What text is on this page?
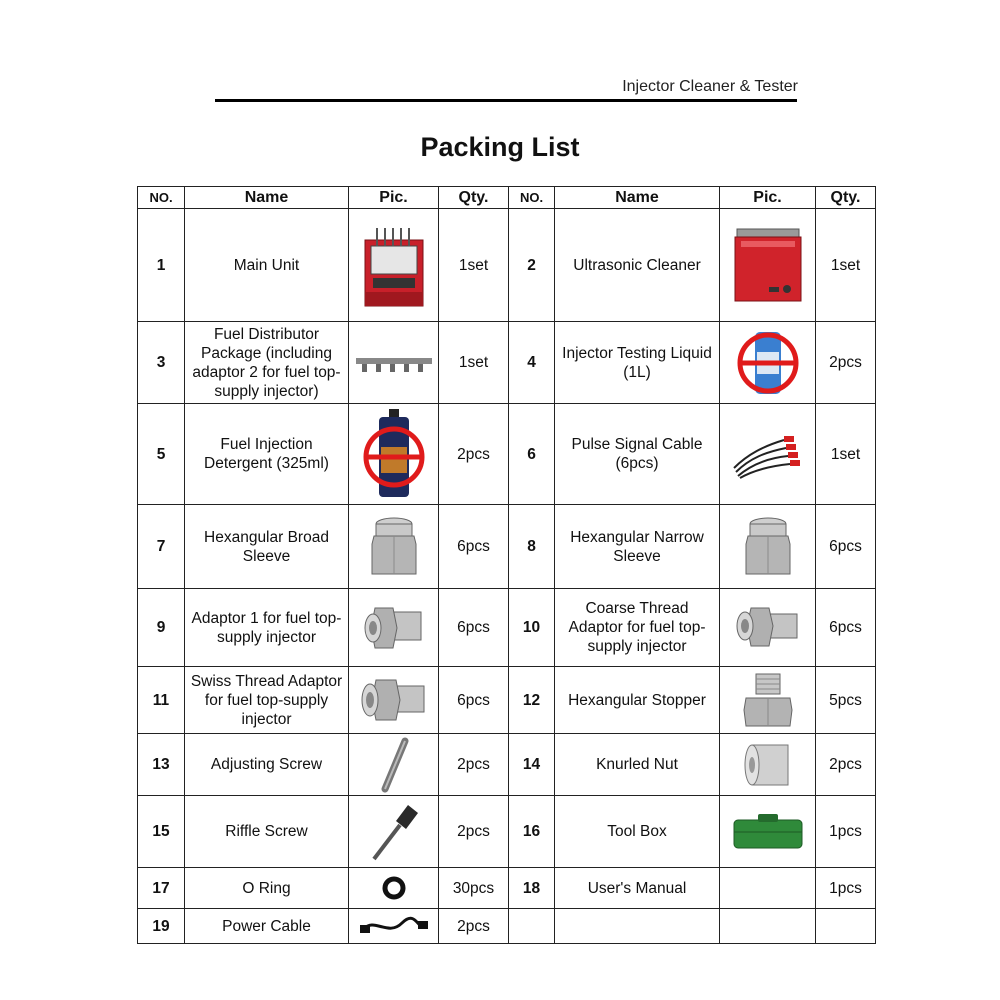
Injector Cleaner & Tester
Packing List
NO.	Name	Pic.	Qty.	NO.	Name	Pic.	Qty.
1	Main Unit		1set	2	Ultrasonic Cleaner		1set
3	Fuel Distributor Package (including adaptor 2 for fuel top-supply injector)		1set	4	Injector Testing Liquid (1L)		2pcs
5	Fuel Injection Detergent (325ml)		2pcs	6	Pulse Signal Cable (6pcs)		1set
7	Hexangular Broad Sleeve		6pcs	8	Hexangular Narrow Sleeve		6pcs
9	Adaptor 1 for fuel top-supply injector		6pcs	10	Coarse Thread Adaptor for fuel top-supply injector		6pcs
11	Swiss Thread Adaptor for fuel top-supply injector		6pcs	12	Hexangular Stopper		5pcs
13	Adjusting Screw		2pcs	14	Knurled Nut		2pcs
15	Riffle Screw		2pcs	16	Tool Box		1pcs
17	O Ring		30pcs	18	User's Manual		1pcs
19	Power Cable		2pcs				
